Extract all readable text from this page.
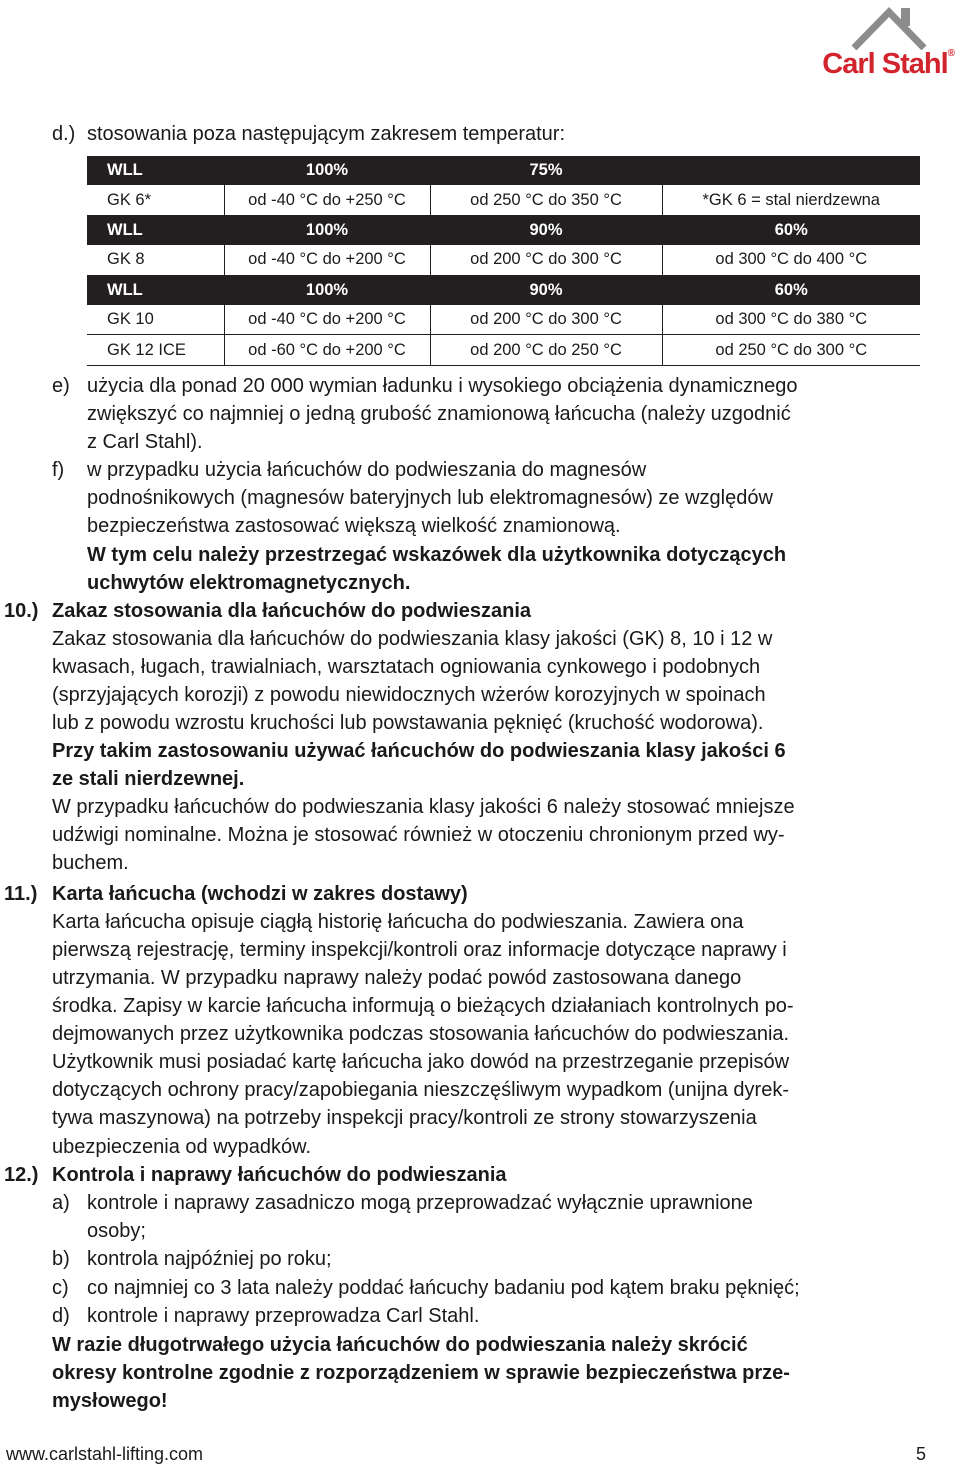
Carl Stahl®
d.) stosowania poza następującym zakresem temperatur:
WLL	100%	75%	
GK 6*	od -40 °C do +250 °C	od 250 °C do 350 °C	*GK 6 = stal nierdzewna
WLL	100%	90%	60%
GK 8	od -40 °C do +200 °C	od 200 °C do 300 °C	od 300 °C do 400 °C
WLL	100%	90%	60%
GK 10	od -40 °C do +200 °C	od 200 °C do 300 °C	od 300 °C do 380 °C
GK 12 ICE	od -60 °C do +200 °C	od 200 °C do 250 °C	od 250 °C do 300 °C
e) użycia dla ponad 20 000 wymian ładunku i wysokiego obciążenia dynamicznego
zwiększyć co najmniej o jedną grubość znamionową łańcucha (należy uzgodnić
z Carl Stahl).
f) w przypadku użycia łańcuchów do podwieszania do magnesów
podnośnikowych (magnesów bateryjnych lub elektromagnesów) ze względów
bezpieczeństwa zastosować większą wielkość znamionową.
W tym celu należy przestrzegać wskazówek dla użytkownika dotyczących
uchwytów elektromagnetycznych.
10.) Zakaz stosowania dla łańcuchów do podwieszania
Zakaz stosowania dla łańcuchów do podwieszania klasy jakości (GK) 8, 10 i 12 w
kwasach, ługach, trawialniach, warsztatach ogniowania cynkowego i podobnych
(sprzyjających korozji) z powodu niewidocznych wżerów korozyjnych w spoinach
lub z powodu wzrostu kruchości lub powstawania pęknięć (kruchość wodorowa).
Przy takim zastosowaniu używać łańcuchów do podwieszania klasy jakości 6
ze stali nierdzewnej.
W przypadku łańcuchów do podwieszania klasy jakości 6 należy stosować mniejsze
udźwigi nominalne. Można je stosować również w otoczeniu chronionym przed wy-
buchem.
11.) Karta łańcucha (wchodzi w zakres dostawy)
Karta łańcucha opisuje ciągłą historię łańcucha do podwieszania. Zawiera ona
pierwszą rejestrację, terminy inspekcji/kontroli oraz informacje dotyczące naprawy i
utrzymania. W przypadku naprawy należy podać powód zastosowana danego
środka. Zapisy w karcie łańcucha informują o bieżących działaniach kontrolnych po-
dejmowanych przez użytkownika podczas stosowania łańcuchów do podwieszania.
Użytkownik musi posiadać kartę łańcucha jako dowód na przestrzeganie przepisów
dotyczących ochrony pracy/zapobiegania nieszczęśliwym wypadkom (unijna dyrek-
tywa maszynowa) na potrzeby inspekcji pracy/kontroli ze strony stowarzyszenia
ubezpieczenia od wypadków.
12.) Kontrola i naprawy łańcuchów do podwieszania
a) kontrole i naprawy zasadniczo mogą przeprowadzać wyłącznie uprawnione
osoby;
b) kontrola najpóźniej po roku;
c) co najmniej co 3 lata należy poddać łańcuchy badaniu pod kątem braku pęknięć;
d) kontrole i naprawy przeprowadza Carl Stahl.
W razie długotrwałego użycia łańcuchów do podwieszania należy skrócić
okresy kontrolne zgodnie z rozporządzeniem w sprawie bezpieczeństwa prze-
mysłowego!
www.carlstahl-lifting.com	5
